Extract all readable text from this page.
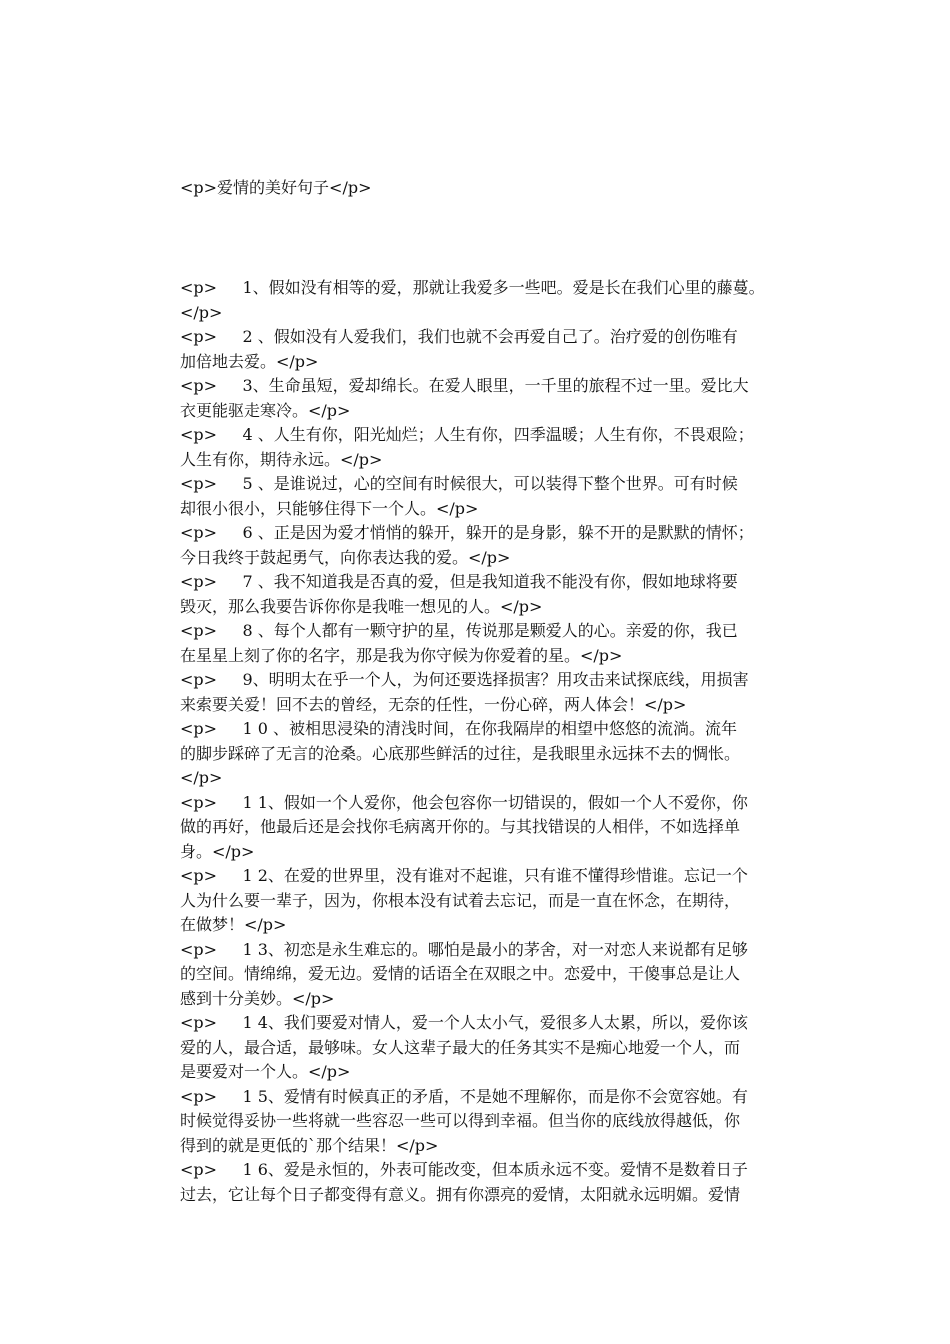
<p>爱情的美好句子</p>

<p>     1、假如没有相等的爱，那就让我爱多一些吧。爱是长在我们心里的藤蔓。
</p>
<p>     2 、假如没有人爱我们，我们也就不会再爱自己了。治疗爱的创伤唯有
加倍地去爱。</p>
<p>     3、生命虽短，爱却绵长。在爱人眼里，一千里的旅程不过一里。爱比大
衣更能驱走寒冷。</p>
<p>     4 、人生有你，阳光灿烂；人生有你，四季温暖；人生有你，不畏艰险；
人生有你，期待永远。</p>
<p>     5 、是谁说过，心的空间有时候很大，可以装得下整个世界。可有时候
却很小很小，只能够住得下一个人。</p>
<p>     6 、正是因为爱才悄悄的躲开，躲开的是身影，躲不开的是默默的情怀；
今日我终于鼓起勇气，向你表达我的爱。</p>
<p>     7 、我不知道我是否真的爱，但是我知道我不能没有你，假如地球将要
毁灭，那么我要告诉你你是我唯一想见的人。</p>
<p>     8 、每个人都有一颗守护的星，传说那是颗爱人的心。亲爱的你，我已
在星星上刻了你的名字，那是我为你守候为你爱着的星。</p>
<p>     9、明明太在乎一个人，为何还要选择损害？用攻击来试探底线，用损害
来索要关爱！回不去的曾经，无奈的任性，一份心碎，两人体会！</p>
<p>     1 0 、被相思浸染的清浅时间，在你我隔岸的相望中悠悠的流淌。流年
的脚步踩碎了无言的沧桑。心底那些鲜活的过往，是我眼里永远抹不去的惆怅。
</p>
<p>     1 1、假如一个人爱你，他会包容你一切错误的，假如一个人不爱你，你
做的再好，他最后还是会找你毛病离开你的。与其找错误的人相伴，不如选择单
身。</p>
<p>     1 2、在爱的世界里，没有谁对不起谁，只有谁不懂得珍惜谁。忘记一个
人为什么要一辈子，因为，你根本没有试着去忘记，而是一直在怀念，在期待，
在做梦！</p>
<p>     1 3、初恋是永生难忘的。哪怕是最小的茅舍，对一对恋人来说都有足够
的空间。情绵绵，爱无边。爱情的话语全在双眼之中。恋爱中，干傻事总是让人
感到十分美妙。</p>
<p>     1 4、我们要爱对情人，爱一个人太小气，爱很多人太累，所以，爱你该
爱的人，最合适，最够味。女人这辈子最大的任务其实不是痴心地爱一个人，而
是要爱对一个人。</p>
<p>     1 5、爱情有时候真正的矛盾，不是她不理解你，而是你不会宽容她。有
时候觉得妥协一些将就一些容忍一些可以得到幸福。但当你的底线放得越低，你
得到的就是更低的`那个结果！</p>
<p>     1 6、爱是永恒的，外表可能改变，但本质永远不变。爱情不是数着日子
过去，它让每个日子都变得有意义。拥有你漂亮的爱情，太阳就永远明媚。爱情
